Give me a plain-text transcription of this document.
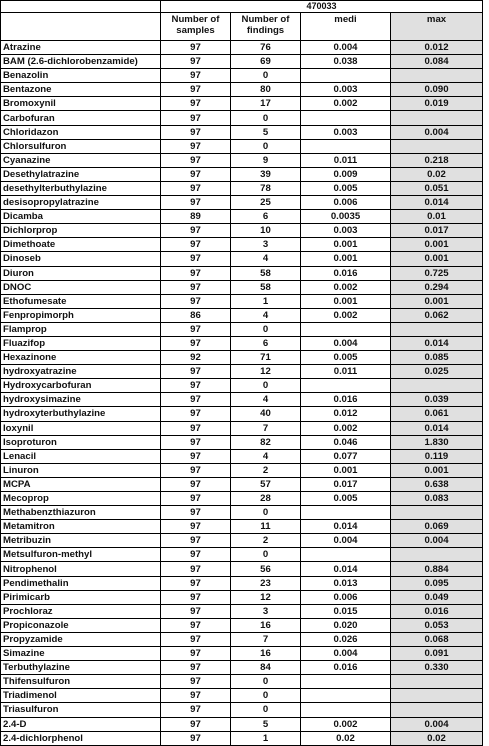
	470033			
	Number of samples	Number of findings	medi	max
Atrazine	97	76	0.004	0.012
BAM (2.6-dichlorobenzamide)	97	69	0.038	0.084
Benazolin	97	0		
Bentazone	97	80	0.003	0.090
Bromoxynil	97	17	0.002	0.019
Carbofuran	97	0		
Chloridazon	97	5	0.003	0.004
Chlorsulfuron	97	0		
Cyanazine	97	9	0.011	0.218
Desethylatrazine	97	39	0.009	0.02
desethylterbuthylazine	97	78	0.005	0.051
desisopropylatrazine	97	25	0.006	0.014
Dicamba	89	6	0.0035	0.01
Dichlorprop	97	10	0.003	0.017
Dimethoate	97	3	0.001	0.001
Dinoseb	97	4	0.001	0.001
Diuron	97	58	0.016	0.725
DNOC	97	58	0.002	0.294
Ethofumesate	97	1	0.001	0.001
Fenpropimorph	86	4	0.002	0.062
Flamprop	97	0		
Fluazifop	97	6	0.004	0.014
Hexazinone	92	71	0.005	0.085
hydroxyatrazine	97	12	0.011	0.025
Hydroxycarbofuran	97	0		
hydroxysimazine	97	4	0.016	0.039
hydroxyterbuthylazine	97	40	0.012	0.061
Ioxynil	97	7	0.002	0.014
Isoproturon	97	82	0.046	1.830
Lenacil	97	4	0.077	0.119
Linuron	97	2	0.001	0.001
MCPA	97	57	0.017	0.638
Mecoprop	97	28	0.005	0.083
Methabenzthiazuron	97	0		
Metamitron	97	11	0.014	0.069
Metribuzin	97	2	0.004	0.004
Metsulfuron-methyl	97	0		
Nitrophenol	97	56	0.014	0.884
Pendimethalin	97	23	0.013	0.095
Pirimicarb	97	12	0.006	0.049
Prochloraz	97	3	0.015	0.016
Propiconazole	97	16	0.020	0.053
Propyzamide	97	7	0.026	0.068
Simazine	97	16	0.004	0.091
Terbuthylazine	97	84	0.016	0.330
Thifensulfuron	97	0		
Triadimenol	97	0		
Triasulfuron	97	0		
2.4-D	97	5	0.002	0.004
2.4-dichlorphenol	97	1	0.02	0.02
